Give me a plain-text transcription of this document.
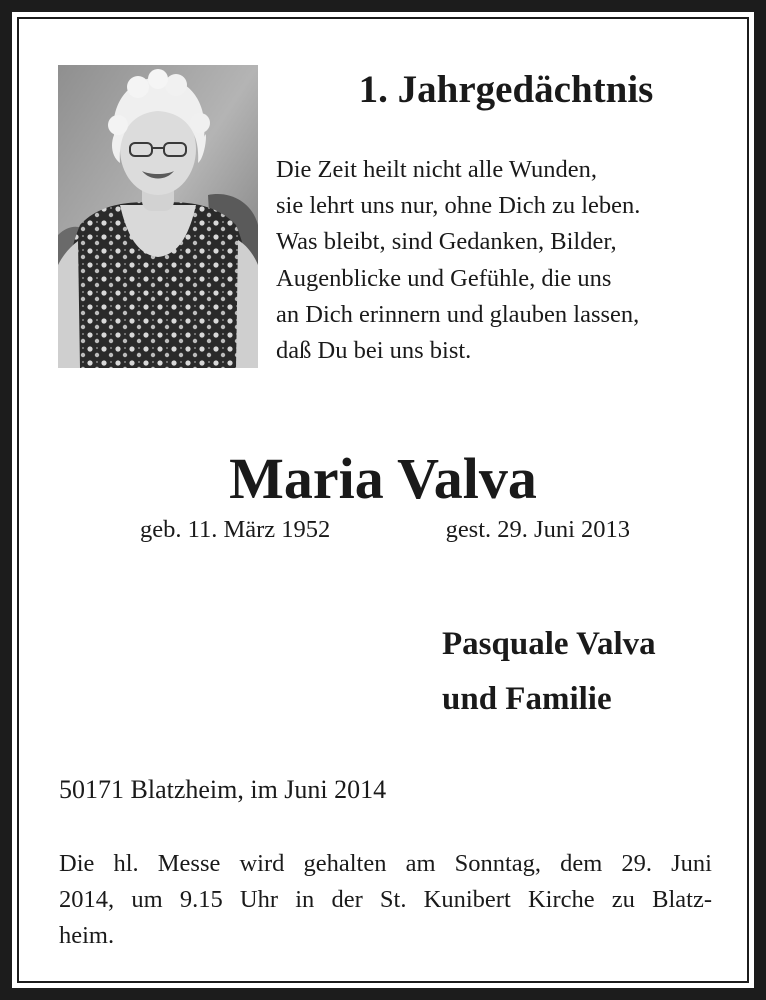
1. Jahrgedächtnis
Die Zeit heilt nicht alle Wunden,
sie lehrt uns nur, ohne Dich zu leben.
Was bleibt, sind Gedanken, Bilder,
Augenblicke und Gefühle, die uns
an Dich erinnern und glauben lassen,
daß Du bei uns bist.
Maria Valva
geb. 11. März 1952	gest. 29. Juni 2013
Pasquale Valva
und Familie

50171 Blatzheim, im Juni 2014

Die hl. Messe wird gehalten am Sonntag, dem 29. Juni
2014, um 9.15 Uhr in der St. Kunibert Kirche zu Blatz-
heim.
